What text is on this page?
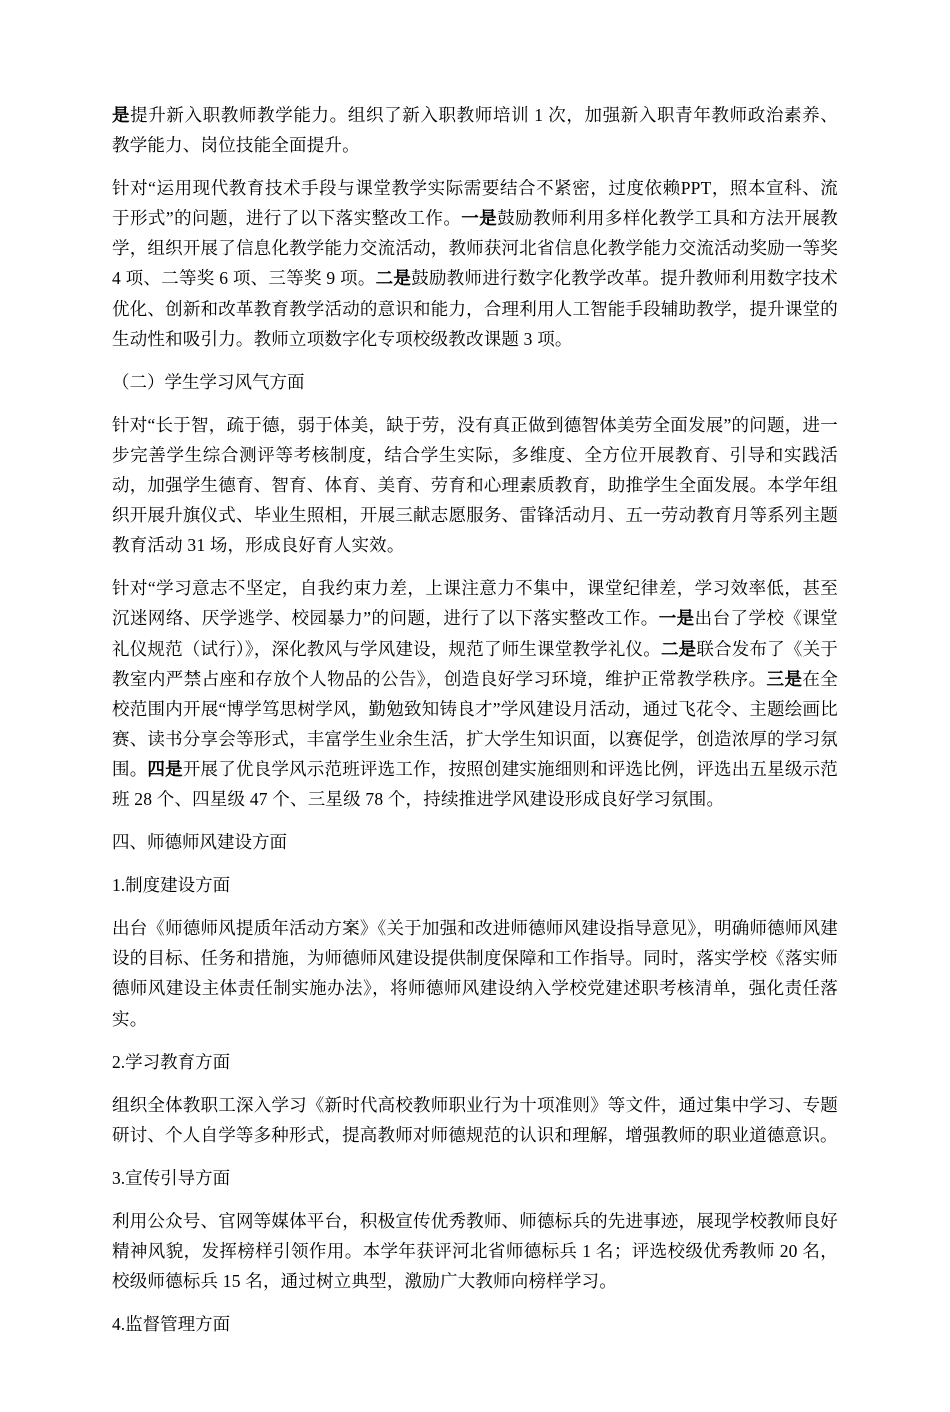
是提升新入职教师教学能力。组织了新入职教师培训 1 次，加强新入职青年教师政治素养、教学能力、岗位技能全面提升。
针对“运用现代教育技术手段与课堂教学实际需要结合不紧密，过度依赖PPT，照本宣科、流于形式”的问题，进行了以下落实整改工作。一是鼓励教师利用多样化教学工具和方法开展教学，组织开展了信息化教学能力交流活动，教师获河北省信息化教学能力交流活动奖励一等奖 4 项、二等奖 6 项、三等奖 9 项。二是鼓励教师进行数字化教学改革。提升教师利用数字技术优化、创新和改革教育教学活动的意识和能力，合理利用人工智能手段辅助教学，提升课堂的生动性和吸引力。教师立项数字化专项校级教改课题 3 项。
（二）学生学习风气方面
针对“长于智，疏于德，弱于体美，缺于劳，没有真正做到德智体美劳全面发展”的问题，进一步完善学生综合测评等考核制度，结合学生实际，多维度、全方位开展教育、引导和实践活动，加强学生德育、智育、体育、美育、劳育和心理素质教育，助推学生全面发展。本学年组织开展升旗仪式、毕业生照相，开展三献志愿服务、雷锋活动月、五一劳动教育月等系列主题教育活动 31 场，形成良好育人实效。
针对“学习意志不坚定，自我约束力差，上课注意力不集中，课堂纪律差，学习效率低，甚至沉迷网络、厌学逃学、校园暴力”的问题，进行了以下落实整改工作。一是出台了学校《课堂礼仪规范（试行）》，深化教风与学风建设，规范了师生课堂教学礼仪。二是联合发布了《关于教室内严禁占座和存放个人物品的公告》，创造良好学习环境，维护正常教学秩序。三是在全校范围内开展“博学笃思树学风，勤勉致知铸良才”学风建设月活动，通过飞花令、主题绘画比赛、读书分享会等形式，丰富学生业余生活，扩大学生知识面，以赛促学，创造浓厚的学习氛围。四是开展了优良学风示范班评选工作，按照创建实施细则和评选比例，评选出五星级示范班 28 个、四星级 47 个、三星级 78 个，持续推进学风建设形成良好学习氛围。
四、师德师风建设方面
1.制度建设方面
出台《师德师风提质年活动方案》《关于加强和改进师德师风建设指导意见》，明确师德师风建设的目标、任务和措施，为师德师风建设提供制度保障和工作指导。同时，落实学校《落实师德师风建设主体责任制实施办法》，将师德师风建设纳入学校党建述职考核清单，强化责任落实。
2.学习教育方面
组织全体教职工深入学习《新时代高校教师职业行为十项准则》等文件，通过集中学习、专题研讨、个人自学等多种形式，提高教师对师德规范的认识和理解，增强教师的职业道德意识。
3.宣传引导方面
利用公众号、官网等媒体平台，积极宣传优秀教师、师德标兵的先进事迹，展现学校教师良好精神风貌，发挥榜样引领作用。本学年获评河北省师德标兵 1 名；评选校级优秀教师 20 名，校级师德标兵 15 名，通过树立典型，激励广大教师向榜样学习。
4.监督管理方面
